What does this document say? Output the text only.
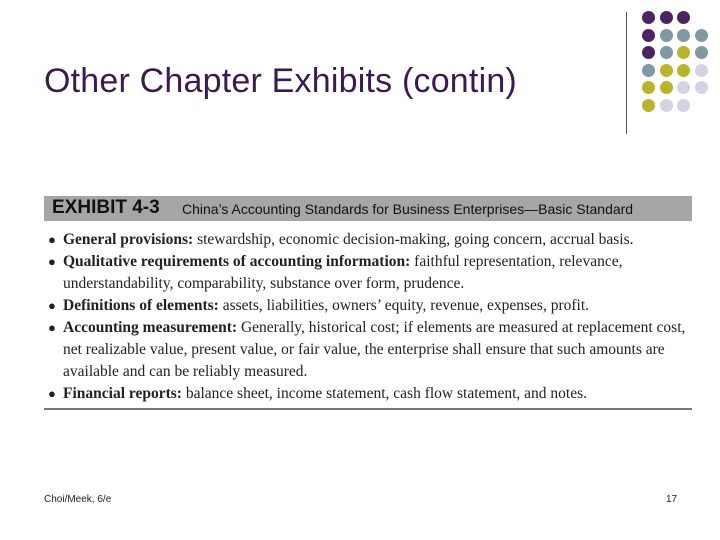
Other Chapter Exhibits (contin)
EXHIBIT 4-3 China’s Accounting Standards for Business Enterprises—Basic Standard
● General provisions: stewardship, economic decision-making, going concern, accrual basis.
● Qualitative requirements of accounting information: faithful representation, relevance, understandability, comparability, substance over form, prudence.
● Definitions of elements: assets, liabilities, owners’ equity, revenue, expenses, profit.
● Accounting measurement: Generally, historical cost; if elements are measured at replacement cost, net realizable value, present value, or fair value, the enterprise shall ensure that such amounts are available and can be reliably measured.
● Financial reports: balance sheet, income statement, cash flow statement, and notes.
Choi/Meek, 6/e	17
